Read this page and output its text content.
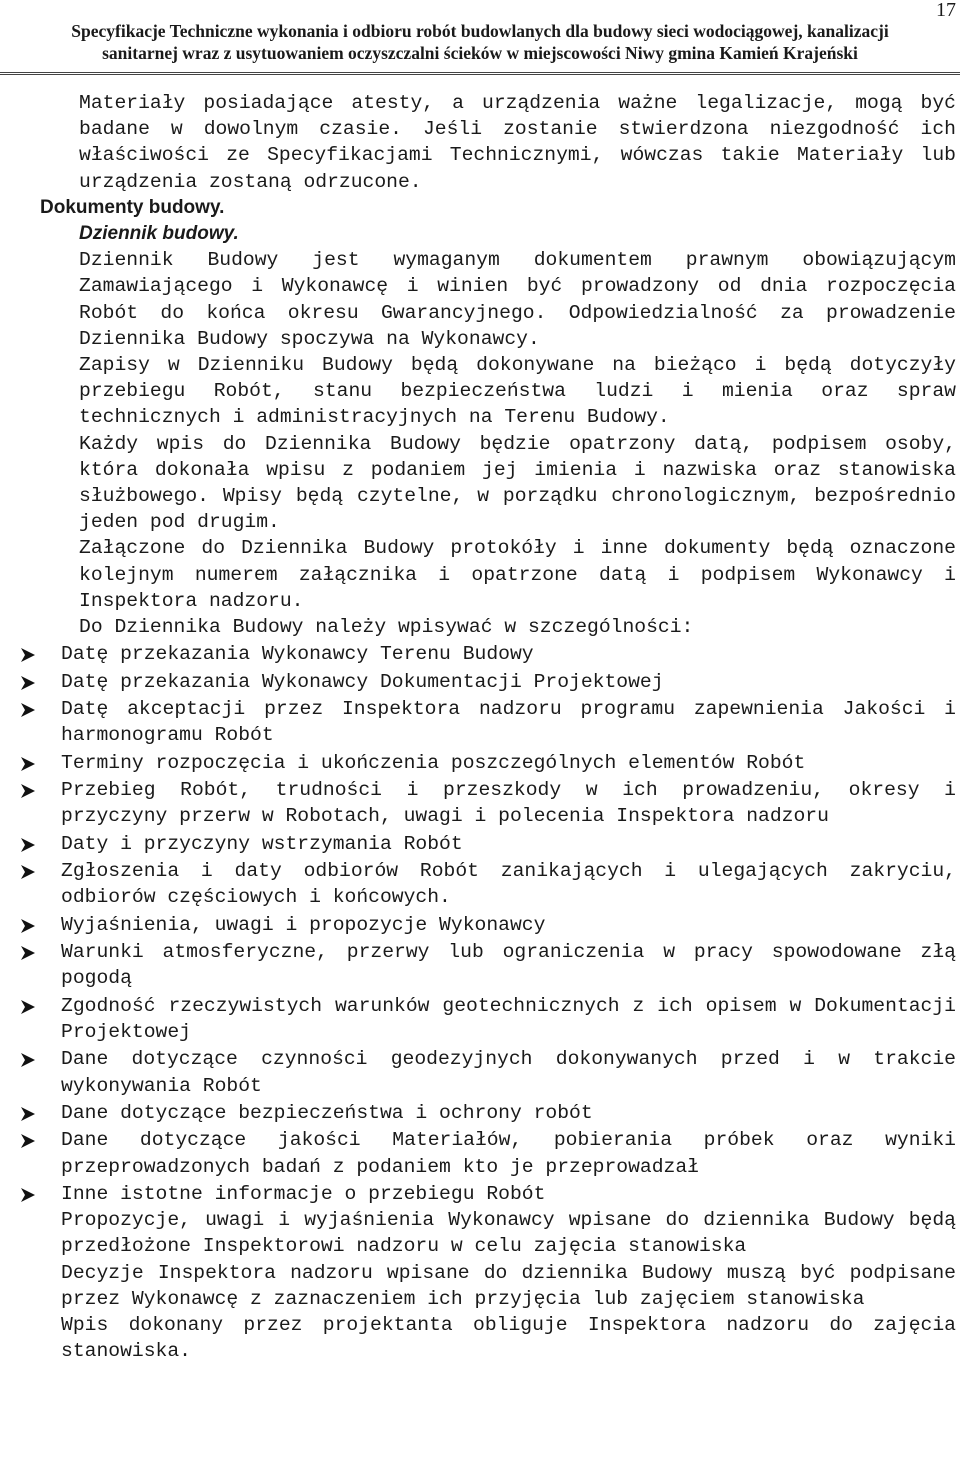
17
Specyfikacje Techniczne wykonania i odbioru robót budowlanych dla budowy sieci wodociągowej, kanalizacji
sanitarnej wraz z usytuowaniem oczyszczalni ścieków w miejscowości Niwy gmina Kamień Krajeński

Materiały posiadające atesty, a urządzenia ważne legalizacje, mogą być badane w dowolnym czasie. Jeśli zostanie stwierdzona niezgodność ich właściwości ze Specyfikacjami Technicznymi, wówczas takie Materiały lub urządzenia zostaną odrzucone.

Dokumenty budowy.

Dziennik budowy.

Dziennik Budowy jest wymaganym dokumentem prawnym obowiązującym Zamawiającego i Wykonawcę i winien być prowadzony od dnia rozpoczęcia Robót do końca okresu Gwarancyjnego. Odpowiedzialność za prowadzenie Dziennika Budowy spoczywa na Wykonawcy.

Zapisy w Dzienniku Budowy będą dokonywane na bieżąco i będą dotyczyły przebiegu Robót, stanu bezpieczeństwa ludzi i mienia oraz spraw technicznych i administracyjnych na Terenu Budowy.

Każdy wpis do Dziennika Budowy będzie opatrzony datą, podpisem osoby, która dokonała wpisu z podaniem jej imienia i nazwiska oraz stanowiska służbowego. Wpisy będą czytelne, w porządku chronologicznym, bezpośrednio jeden pod drugim.

Załączone do Dziennika Budowy protokóły i inne dokumenty będą oznaczone kolejnym numerem załącznika i opatrzone datą i podpisem Wykonawcy i Inspektora nadzoru.

Do Dziennika Budowy należy wpisywać w szczególności:

Datę przekazania Wykonawcy Terenu Budowy
Datę przekazania Wykonawcy Dokumentacji Projektowej
Datę akceptacji przez Inspektora nadzoru programu zapewnienia Jakości i harmonogramu Robót
Terminy rozpoczęcia i ukończenia poszczególnych elementów Robót
Przebieg Robót, trudności i przeszkody w ich prowadzeniu, okresy i przyczyny przerw w Robotach, uwagi i polecenia Inspektora nadzoru
Daty i przyczyny wstrzymania Robót
Zgłoszenia i daty odbiorów Robót zanikających i ulegających zakryciu, odbiorów częściowych i końcowych.
Wyjaśnienia, uwagi i propozycje Wykonawcy
Warunki atmosferyczne, przerwy lub ograniczenia w pracy spowodowane złą pogodą
Zgodność rzeczywistych warunków geotechnicznych z ich opisem w Dokumentacji Projektowej
Dane dotyczące czynności geodezyjnych dokonywanych przed i w trakcie wykonywania Robót
Dane dotyczące bezpieczeństwa i ochrony robót
Dane dotyczące jakości Materiałów, pobierania próbek oraz wyniki przeprowadzonych badań z podaniem kto je przeprowadzał
Inne istotne informacje o przebiegu Robót

Propozycje, uwagi i wyjaśnienia Wykonawcy wpisane do dziennika Budowy będą przedłożone Inspektorowi nadzoru w celu zajęcia stanowiska

Decyzje Inspektora nadzoru wpisane do dziennika Budowy muszą być podpisane przez Wykonawcę z zaznaczeniem ich przyjęcia lub zajęciem stanowiska

Wpis dokonany przez projektanta obliguje Inspektora nadzoru do zajęcia stanowiska.
